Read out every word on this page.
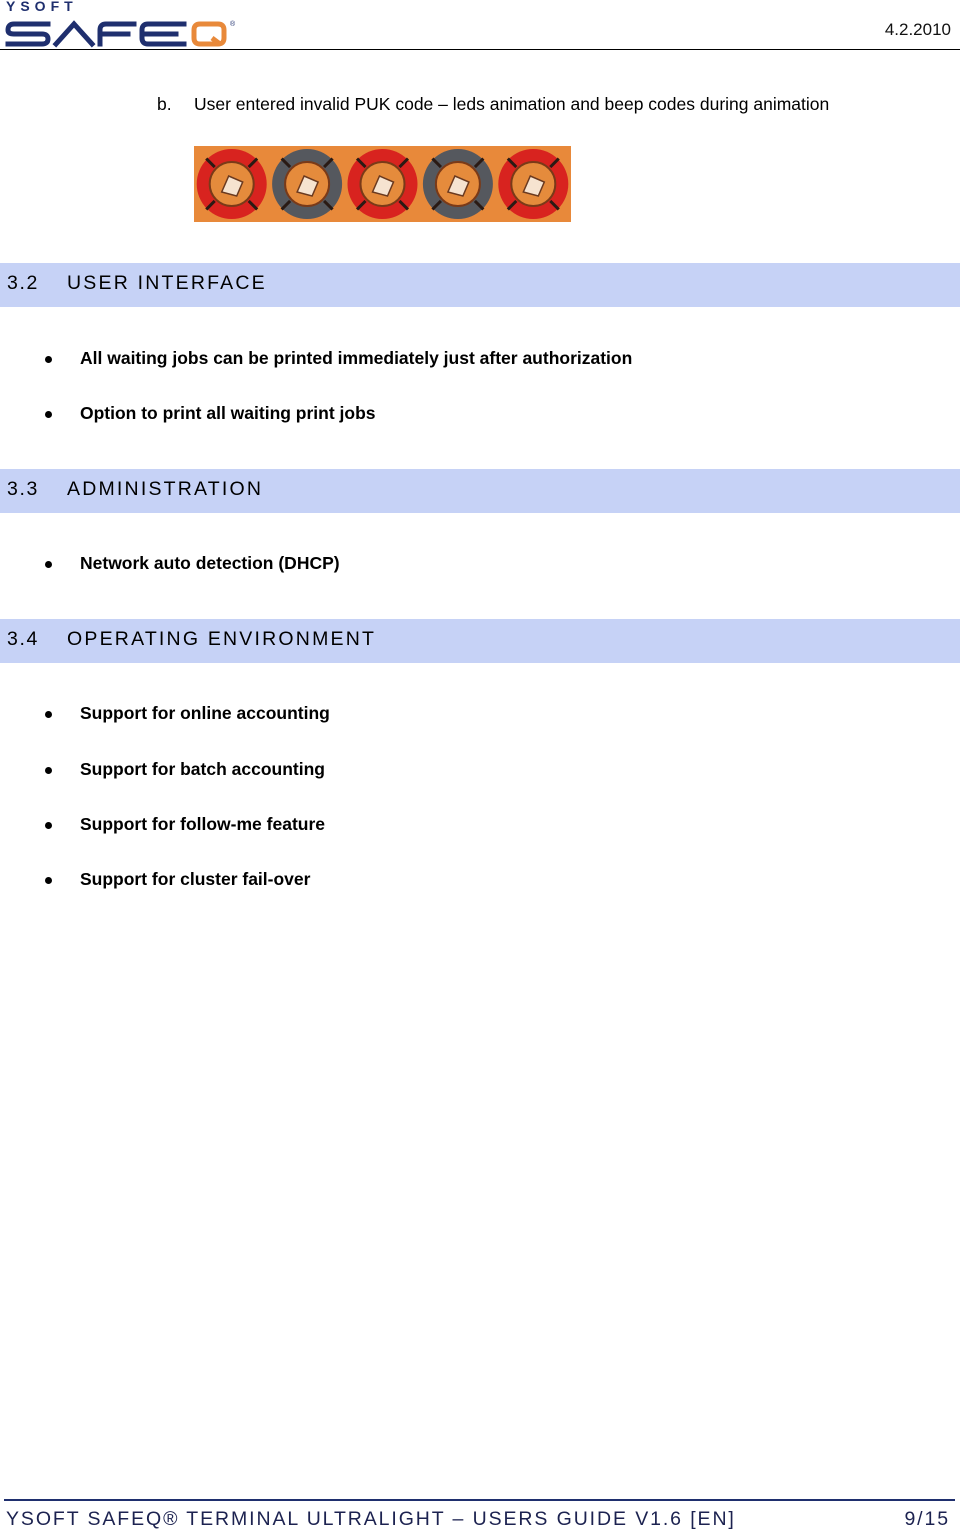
YSOFT
®	4.2.2010
b. User entered invalid PUK code – leds animation and beep codes during animation
3.2 USER INTERFACE
All waiting jobs can be printed immediately just after authorization
Option to print all waiting print jobs
3.3 ADMINISTRATION
Network auto detection (DHCP)
3.4 OPERATING ENVIRONMENT
Support for online accounting
Support for batch accounting
Support for follow-me feature
Support for cluster fail-over
YSOFT SAFEQ® TERMINAL ULTRALIGHT – USERS GUIDE V1.6 [EN]	9/15
